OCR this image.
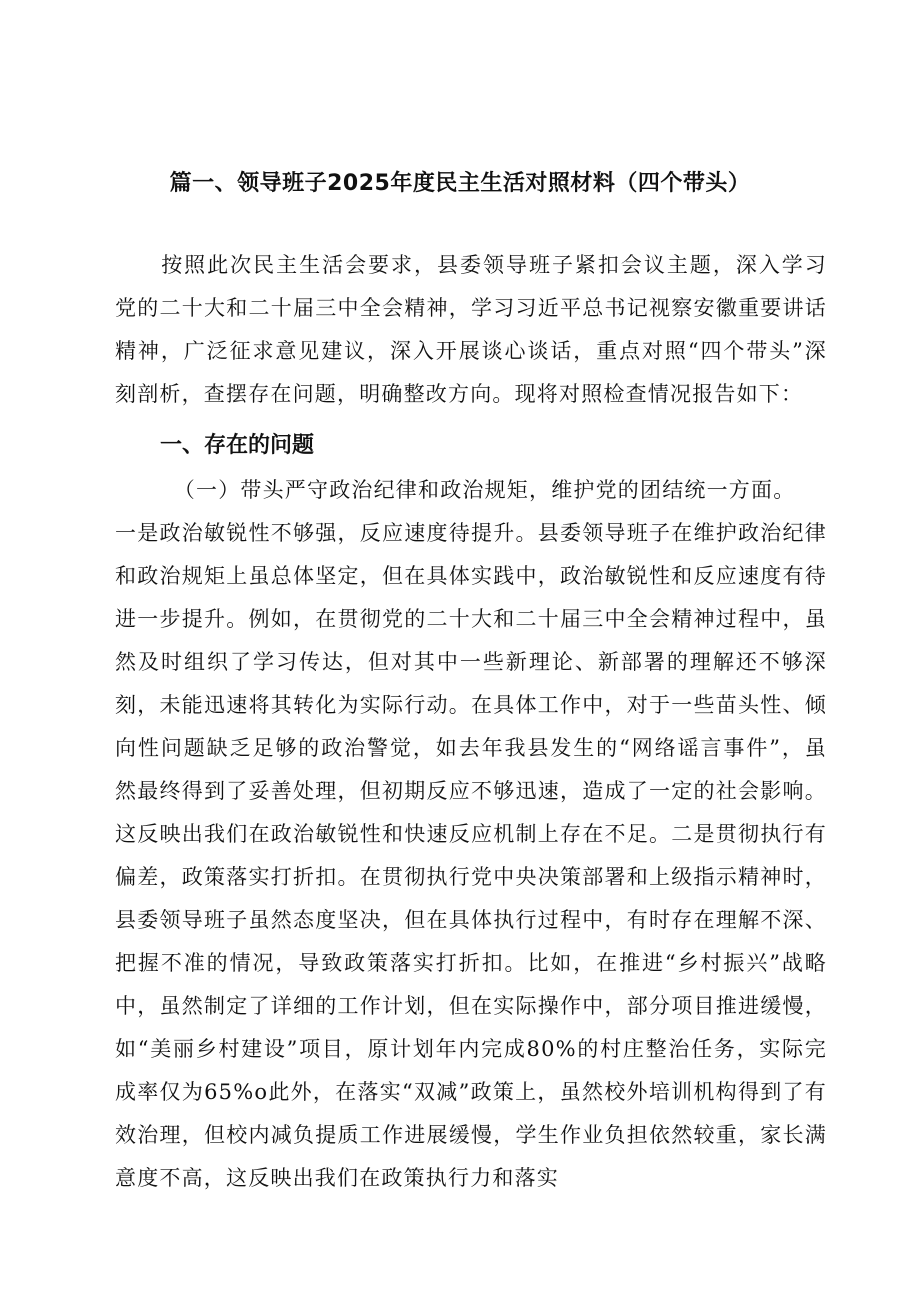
篇一、领导班子2025年度民主生活对照材料（四个带头）

按照此次民主生活会要求，县委领导班子紧扣会议主题，深入学习党的二十大和二十届三中全会精神，学习习近平总书记视察安徽重要讲话精神，广泛征求意见建议，深入开展谈心谈话，重点对照“四个带头”深刻剖析，查摆存在问题，明确整改方向。现将对照检查情况报告如下：

一、存在的问题
（一）带头严守政治纪律和政治规矩，维护党的团结统一方面。
一是政治敏锐性不够强，反应速度待提升。县委领导班子在维护政治纪律和政治规矩上虽总体坚定，但在具体实践中，政治敏锐性和反应速度有待进一步提升。例如，在贯彻党的二十大和二十届三中全会精神过程中，虽然及时组织了学习传达，但对其中一些新理论、新部署的理解还不够深刻，未能迅速将其转化为实际行动。在具体工作中，对于一些苗头性、倾向性问题缺乏足够的政治警觉，如去年我县发生的“网络谣言事件”，虽然最终得到了妥善处理，但初期反应不够迅速，造成了一定的社会影响。这反映出我们在政治敏锐性和快速反应机制上存在不足。二是贯彻执行有偏差，政策落实打折扣。在贯彻执行党中央决策部署和上级指示精神时，县委领导班子虽然态度坚决，但在具体执行过程中，有时存在理解不深、把握不准的情况，导致政策落实打折扣。比如，在推进“乡村振兴”战略中，虽然制定了详细的工作计划，但在实际操作中，部分项目推进缓慢，如“美丽乡村建设”项目，原计划年内完成80%的村庄整治任务，实际完成率仅为65%o此外，在落实“双减”政策上，虽然校外培训机构得到了有效治理，但校内减负提质工作进展缓慢，学生作业负担依然较重，家长满意度不高，这反映出我们在政策执行力和落实
